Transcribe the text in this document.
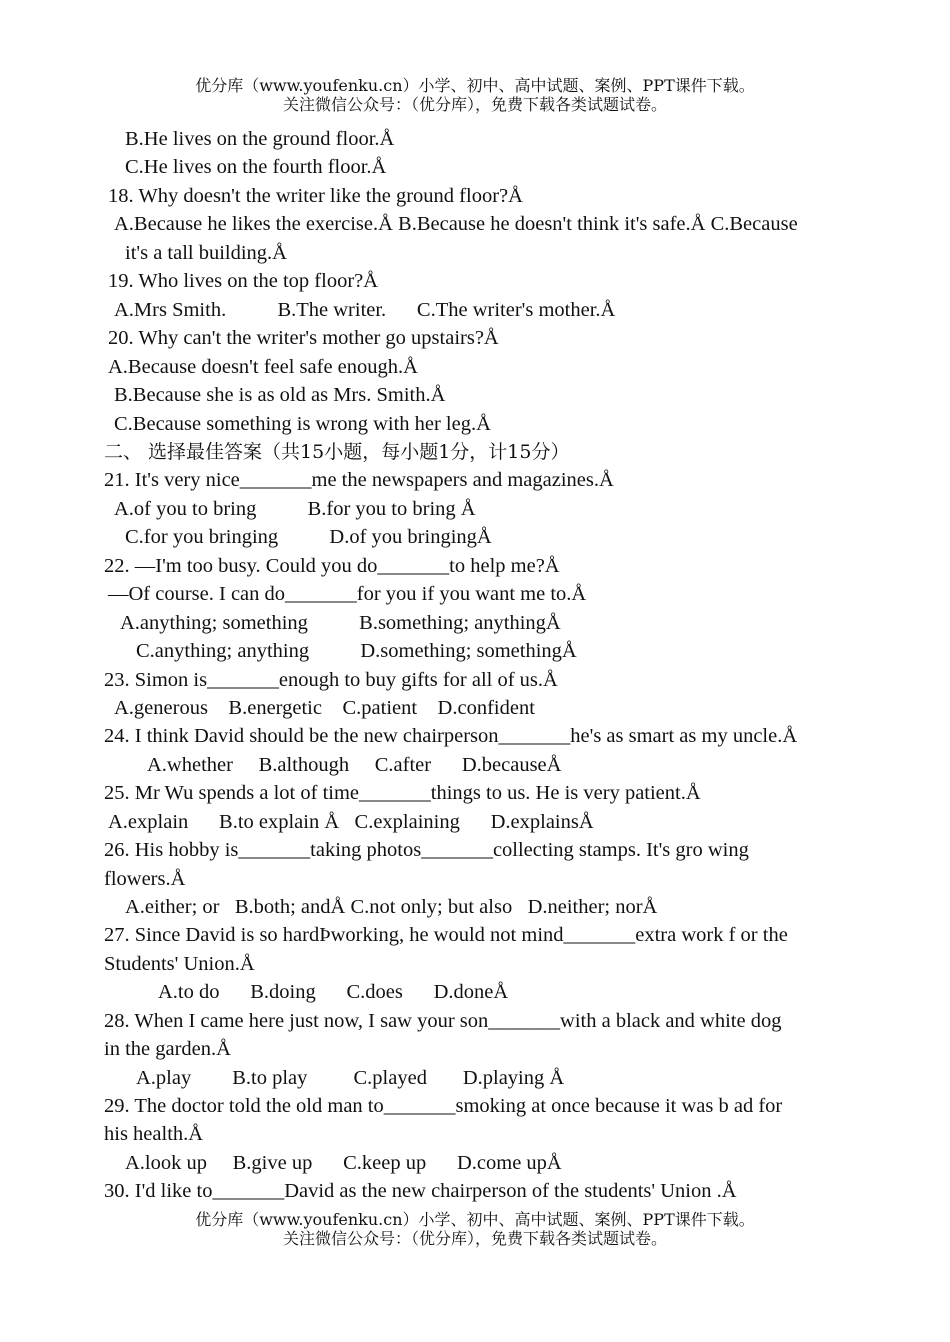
优分库（www.youfenku.cn）小学、初中、高中试题、案例、PPT课件下载。
关注微信公众号：（优分库），免费下载各类试题试卷。
B.He lives on the ground floor.Å
C.He lives on the fourth floor.Å
18. Why doesn't the writer like the ground floor?Å
A.Because he likes the exercise.Å B.Because he doesn't think it's safe.Å C.Because
it's a tall building.Å
19. Who lives on the top floor?Å
A.Mrs Smith.          B.The writer.      C.The writer's mother.Å
20. Why can't the writer's mother go upstairs?Å
A.Because doesn't feel safe enough.Å
B.Because she is as old as Mrs. Smith.Å
C.Because something is wrong with her leg.Å
二、 选择最佳答案（共15小题，每小题1分，计15分）
21. It's very nice_______me the newspapers and magazines.Å
A.of you to bring          B.for you to bring Å
C.for you bringing          D.of you bringingÅ
22. —I'm too busy. Could you do_______to help me?Å
—Of course. I can do_______for you if you want me to.Å
A.anything; something          B.something; anythingÅ
C.anything; anything          D.something; somethingÅ
23. Simon is_______enough to buy gifts for all of us.Å
A.generous    B.energetic    C.patient    D.confident
24. I think David should be the new chairperson_______he's as smart as my uncle.Å
A.whether     B.although     C.after      D.becauseÅ
25. Mr Wu spends a lot of time_______things to us. He is very patient.Å
A.explain      B.to explain Å   C.explaining      D.explainsÅ
26. His hobby is_______taking photos_______collecting stamps. It's gro wing
flowers.Å
A.either; or   B.both; andÅ C.not only; but also   D.neither; norÅ
27. Since David is so hardÞworking, he would not mind_______extra work f or the
Students' Union.Å
A.to do      B.doing      C.does      D.doneÅ
28. When I came here just now, I saw your son_______with a black and white dog
in the garden.Å
A.play        B.to play         C.played       D.playing Å
29. The doctor told the old man to_______smoking at once because it was b ad for
his health.Å
A.look up     B.give up      C.keep up      D.come upÅ
30. I'd like to_______David as the new chairperson of the students' Union .Å
优分库（www.youfenku.cn）小学、初中、高中试题、案例、PPT课件下载。
关注微信公众号：（优分库），免费下载各类试题试卷。
